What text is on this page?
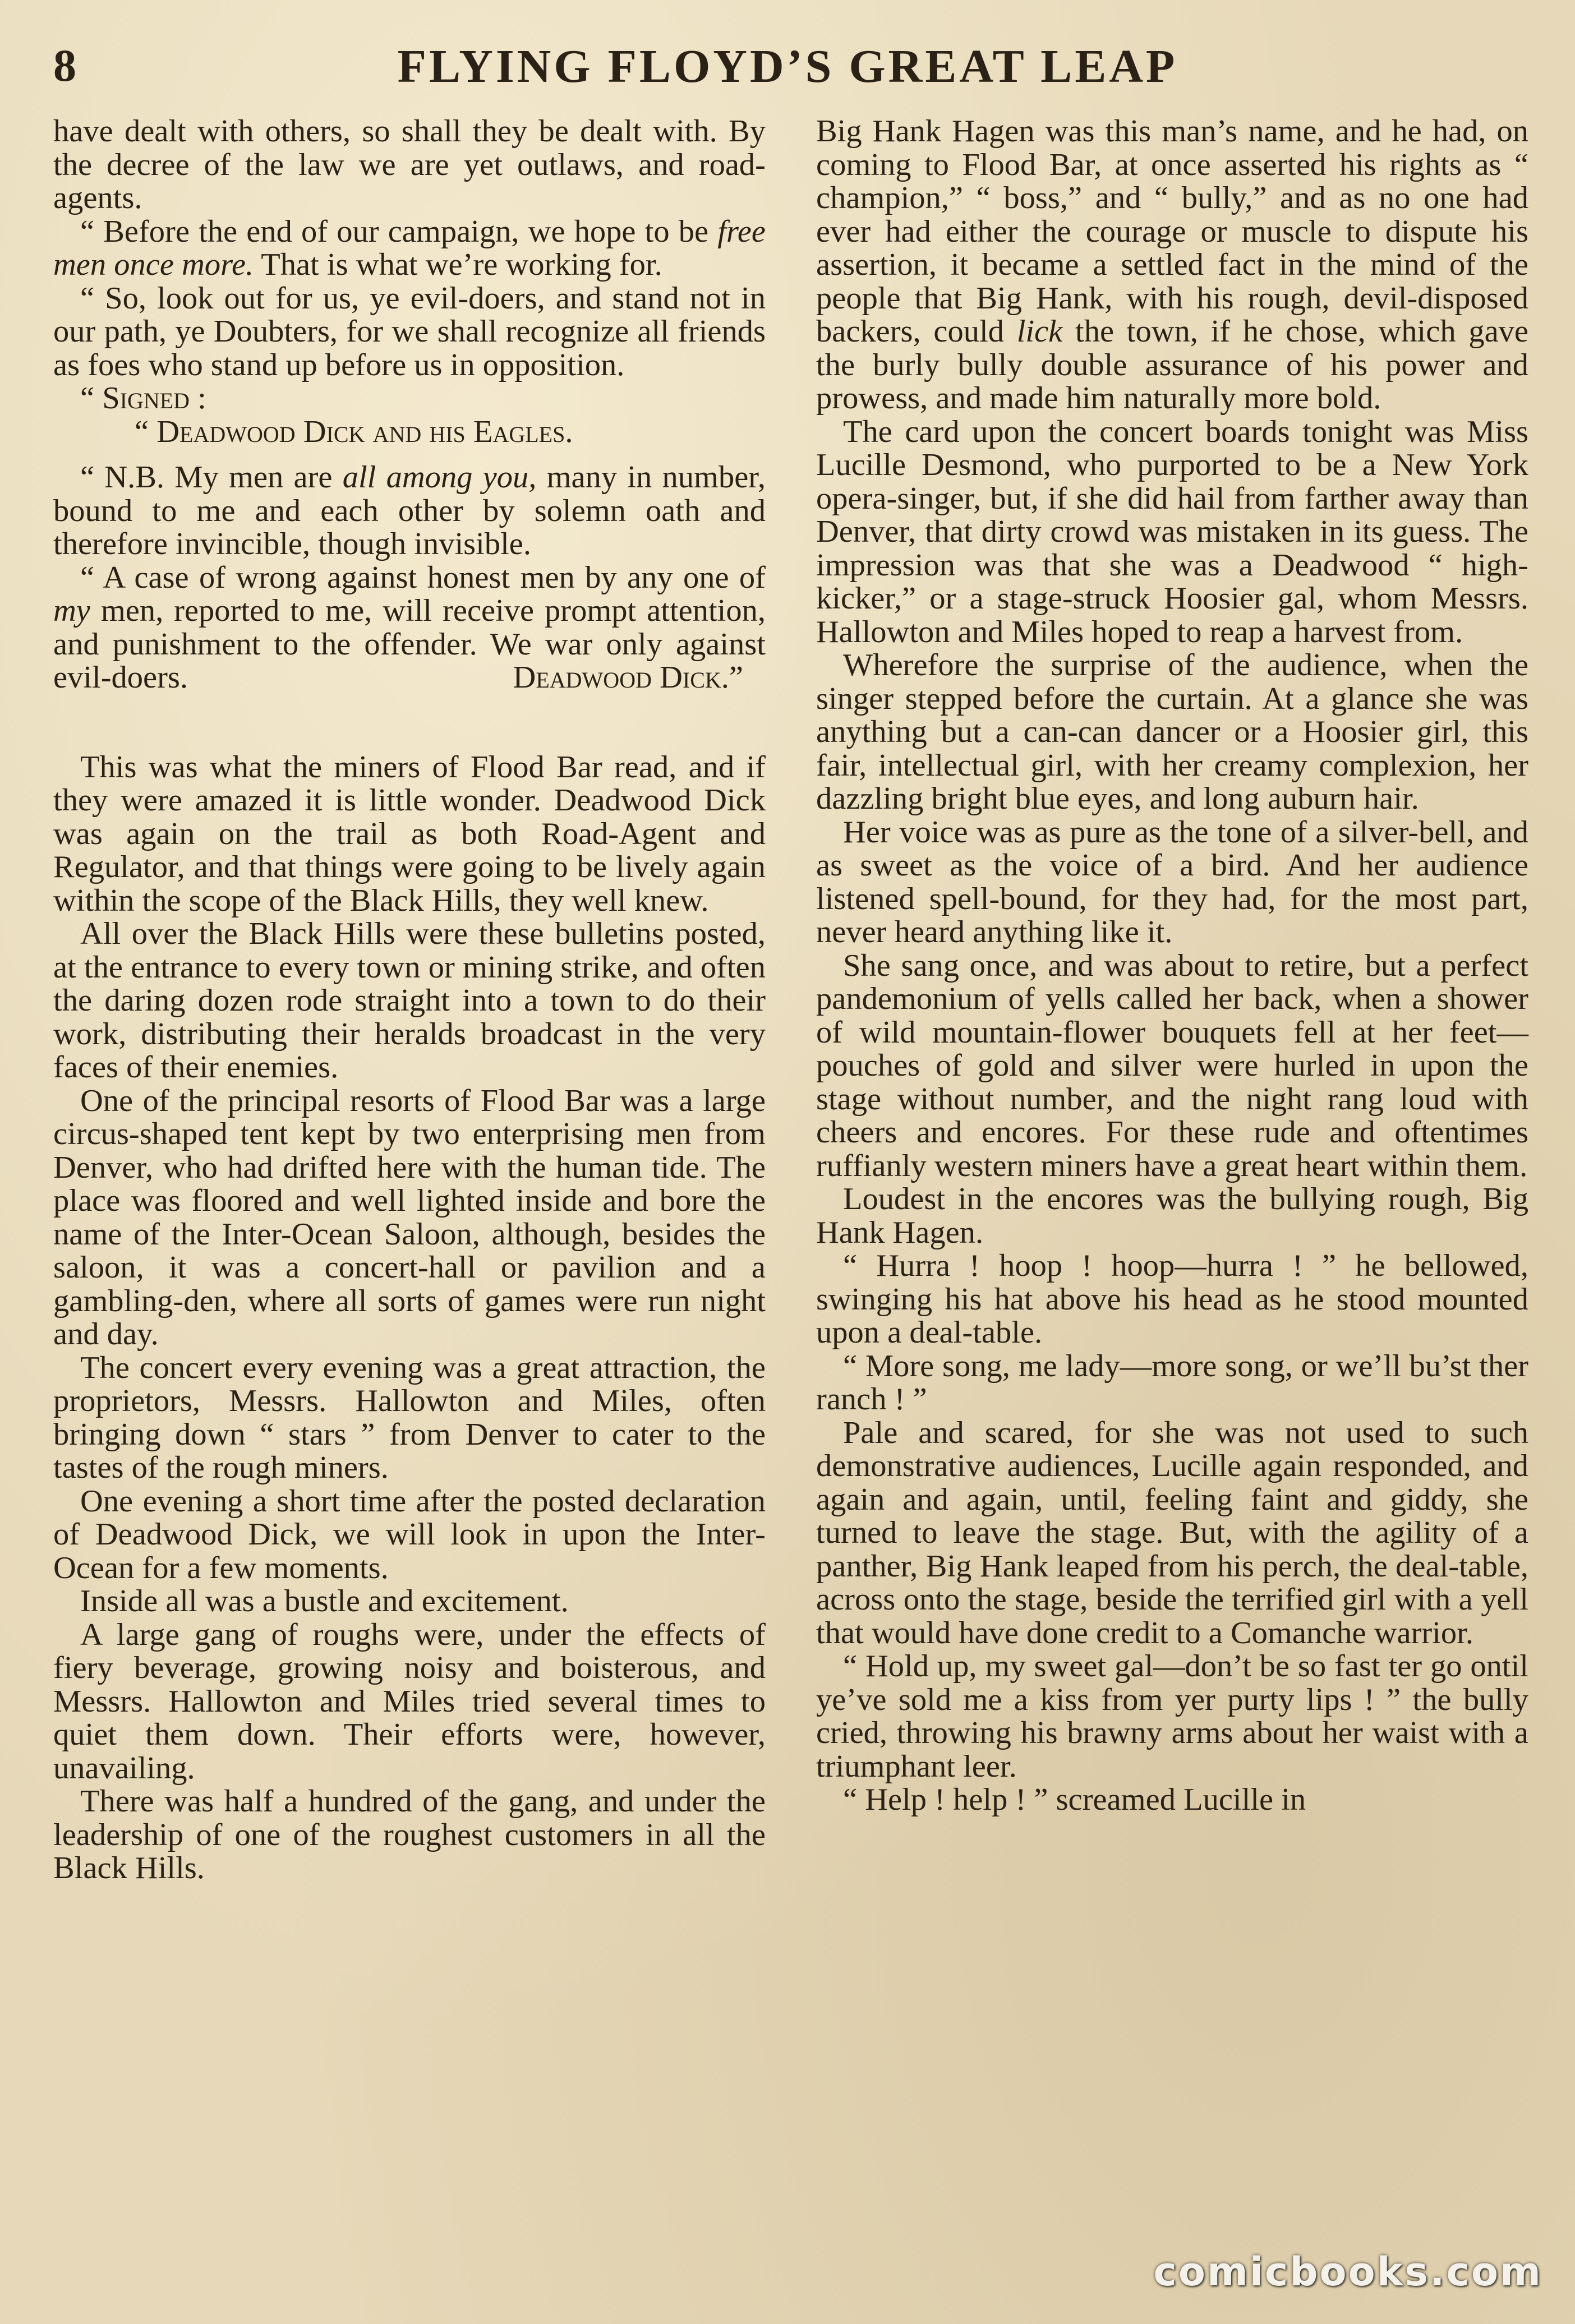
8	FLYING FLOYD’S GREAT LEAP

have dealt with others, so shall they be dealt with. By the decree of the law we are yet outlaws, and road-agents.

“ Before the end of our campaign, we hope to be free men once more. That is what we’re working for.

“ So, look out for us, ye evil-doers, and stand not in our path, ye Doubters, for we shall recognize all friends as foes who stand up before us in opposition.

“ Signed :

“ Deadwood Dick and his Eagles.

“ N.B. My men are all among you, many in number, bound to me and each other by solemn oath and therefore invincible, though invisible.

“ A case of wrong against honest men by any one of my men, reported to me, will receive prompt attention, and punishment to the offender. We war only against evil-doers.	Deadwood Dick.”

This was what the miners of Flood Bar read, and if they were amazed it is little wonder. Deadwood Dick was again on the trail as both Road-Agent and Regulator, and that things were going to be lively again within the scope of the Black Hills, they well knew.

All over the Black Hills were these bulletins posted, at the entrance to every town or mining strike, and often the daring dozen rode straight into a town to do their work, distributing their heralds broadcast in the very faces of their enemies.

One of the principal resorts of Flood Bar was a large circus-shaped tent kept by two enterprising men from Denver, who had drifted here with the human tide. The place was floored and well lighted inside and bore the name of the Inter-Ocean Saloon, although, besides the saloon, it was a concert-hall or pavilion and a gambling-den, where all sorts of games were run night and day.

The concert every evening was a great attraction, the proprietors, Messrs. Hallowton and Miles, often bringing down “ stars ” from Denver to cater to the tastes of the rough miners.

One evening a short time after the posted declaration of Deadwood Dick, we will look in upon the Inter-Ocean for a few moments.

Inside all was a bustle and excitement.

A large gang of roughs were, under the effects of fiery beverage, growing noisy and boisterous, and Messrs. Hallowton and Miles tried several times to quiet them down. Their efforts were, however, unavailing.

There was half a hundred of the gang, and under the leadership of one of the roughest customers in all the Black Hills.

Big Hank Hagen was this man’s name, and he had, on coming to Flood Bar, at once asserted his rights as “ champion,” “ boss,” and “ bully,” and as no one had ever had either the courage or muscle to dispute his assertion, it became a settled fact in the mind of the people that Big Hank, with his rough, devil-disposed backers, could lick the town, if he chose, which gave the burly bully double assurance of his power and prowess, and made him naturally more bold.

The card upon the concert boards tonight was Miss Lucille Desmond, who purported to be a New York opera-singer, but, if she did hail from farther away than Denver, that dirty crowd was mistaken in its guess. The impression was that she was a Deadwood “ high-kicker,” or a stage-struck Hoosier gal, whom Messrs. Hallowton and Miles hoped to reap a harvest from.

Wherefore the surprise of the audience, when the singer stepped before the curtain. At a glance she was anything but a can-can dancer or a Hoosier girl, this fair, intellectual girl, with her creamy complexion, her dazzling bright blue eyes, and long auburn hair.

Her voice was as pure as the tone of a silver-bell, and as sweet as the voice of a bird. And her audience listened spell-bound, for they had, for the most part, never heard anything like it.

She sang once, and was about to retire, but a perfect pandemonium of yells called her back, when a shower of wild mountain-flower bouquets fell at her feet—pouches of gold and silver were hurled in upon the stage without number, and the night rang loud with cheers and encores. For these rude and oftentimes ruffianly western miners have a great heart within them.

Loudest in the encores was the bullying rough, Big Hank Hagen.

“ Hurra ! hoop ! hoop—hurra ! ” he bellowed, swinging his hat above his head as he stood mounted upon a deal-table.

“ More song, me lady—more song, or we’ll bu’st ther ranch ! ”

Pale and scared, for she was not used to such demonstrative audiences, Lucille again responded, and again and again, until, feeling faint and giddy, she turned to leave the stage. But, with the agility of a panther, Big Hank leaped from his perch, the deal-table, across onto the stage, beside the terrified girl with a yell that would have done credit to a Comanche warrior.

“ Hold up, my sweet gal—don’t be so fast ter go ontil ye’ve sold me a kiss from yer purty lips ! ” the bully cried, throwing his brawny arms about her waist with a triumphant leer.

“ Help ! help ! ” screamed Lucille in

comicbooks.com
